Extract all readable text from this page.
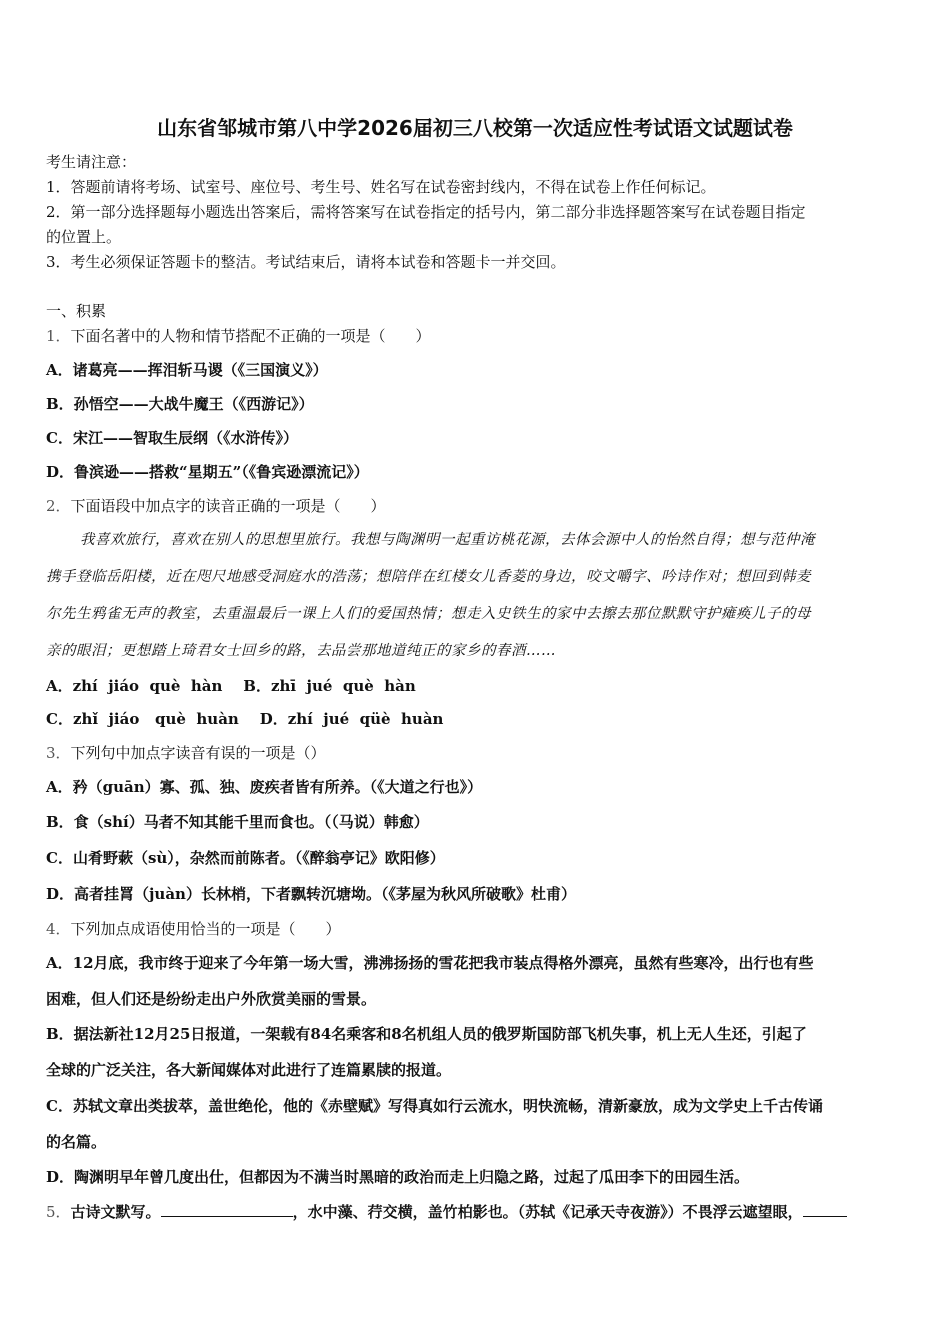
山东省邹城市第八中学2026届初三八校第一次适应性考试语文试题试卷
考生请注意：
1．答题前请将考场、试室号、座位号、考生号、姓名写在试卷密封线内，不得在试卷上作任何标记。
2．第一部分选择题每小题选出答案后，需将答案写在试卷指定的括号内，第二部分非选择题答案写在试卷题目指定
的位置上。
3．考生必须保证答题卡的整洁。考试结束后，请将本试卷和答题卡一并交回。
一、积累
1．下面名著中的人物和情节搭配不正确的一项是（　　）
A．诸葛亮——挥泪斩马谡（《三国演义》）
B．孙悟空——大战牛魔王（《西游记》）
C．宋江——智取生辰纲（《水浒传》）
D．鲁滨逊——搭救“星期五”（《鲁宾逊漂流记》）
2．下面语段中加点字的读音正确的一项是（　　）
我喜欢旅行，喜欢在别人的思想里旅行。我想与陶渊明一起重访桃花源，去体会源中人的怡然自得；想与范仲淹
携手登临岳阳楼，近在咫尺地感受洞庭水的浩荡；想陪伴在红楼女儿香菱的身边，咬文嚼字、吟诗作对；想回到韩麦
尔先生鸦雀无声的教室，去重温最后一课上人们的爱国热情；想走入史铁生的家中去擦去那位默默守护瘫痪儿子的母
亲的眼泪；更想踏上琦君女士回乡的路，去品尝那地道纯正的家乡的春酒……
A．zhí  jiáo  què  hàn    B．zhī  jué  què  hàn
C．zhǐ  jiáo   què  huàn    D．zhí  jué  qüè  huàn
3．下列句中加点字读音有误的一项是（）
A．矜（guān）寡、孤、独、废疾者皆有所养。（《大道之行也》）
B．食（shí）马者不知其能千里而食也。（（马说）韩愈）
C．山肴野蔌（sù），杂然而前陈者。（《醉翁亭记》欧阳修）
D．高者挂罥（juàn）长林梢，下者飘转沉塘坳。（《茅屋为秋风所破歌》杜甫）
4．下列加点成语使用恰当的一项是（　　）
A．12月底，我市终于迎来了今年第一场大雪，沸沸扬扬的雪花把我市装点得格外漂亮，虽然有些寒冷，出行也有些
困难，但人们还是纷纷走出户外欣赏美丽的雪景。
B．据法新社12月25日报道，一架载有84名乘客和8名机组人员的俄罗斯国防部飞机失事，机上无人生还，引起了
全球的广泛关注，各大新闻媒体对此进行了连篇累牍的报道。
C．苏轼文章出类拔萃，盖世绝伦，他的《赤壁赋》写得真如行云流水，明快流畅，清新豪放，成为文学史上千古传诵
的名篇。
D．陶渊明早年曾几度出仕，但都因为不满当时黑暗的政治而走上归隐之路，过起了瓜田李下的田园生活。
5．古诗文默写。	，水中藻、荇交横，盖竹柏影也。（苏轼《记承天寺夜游》）不畏浮云遮望眼，
